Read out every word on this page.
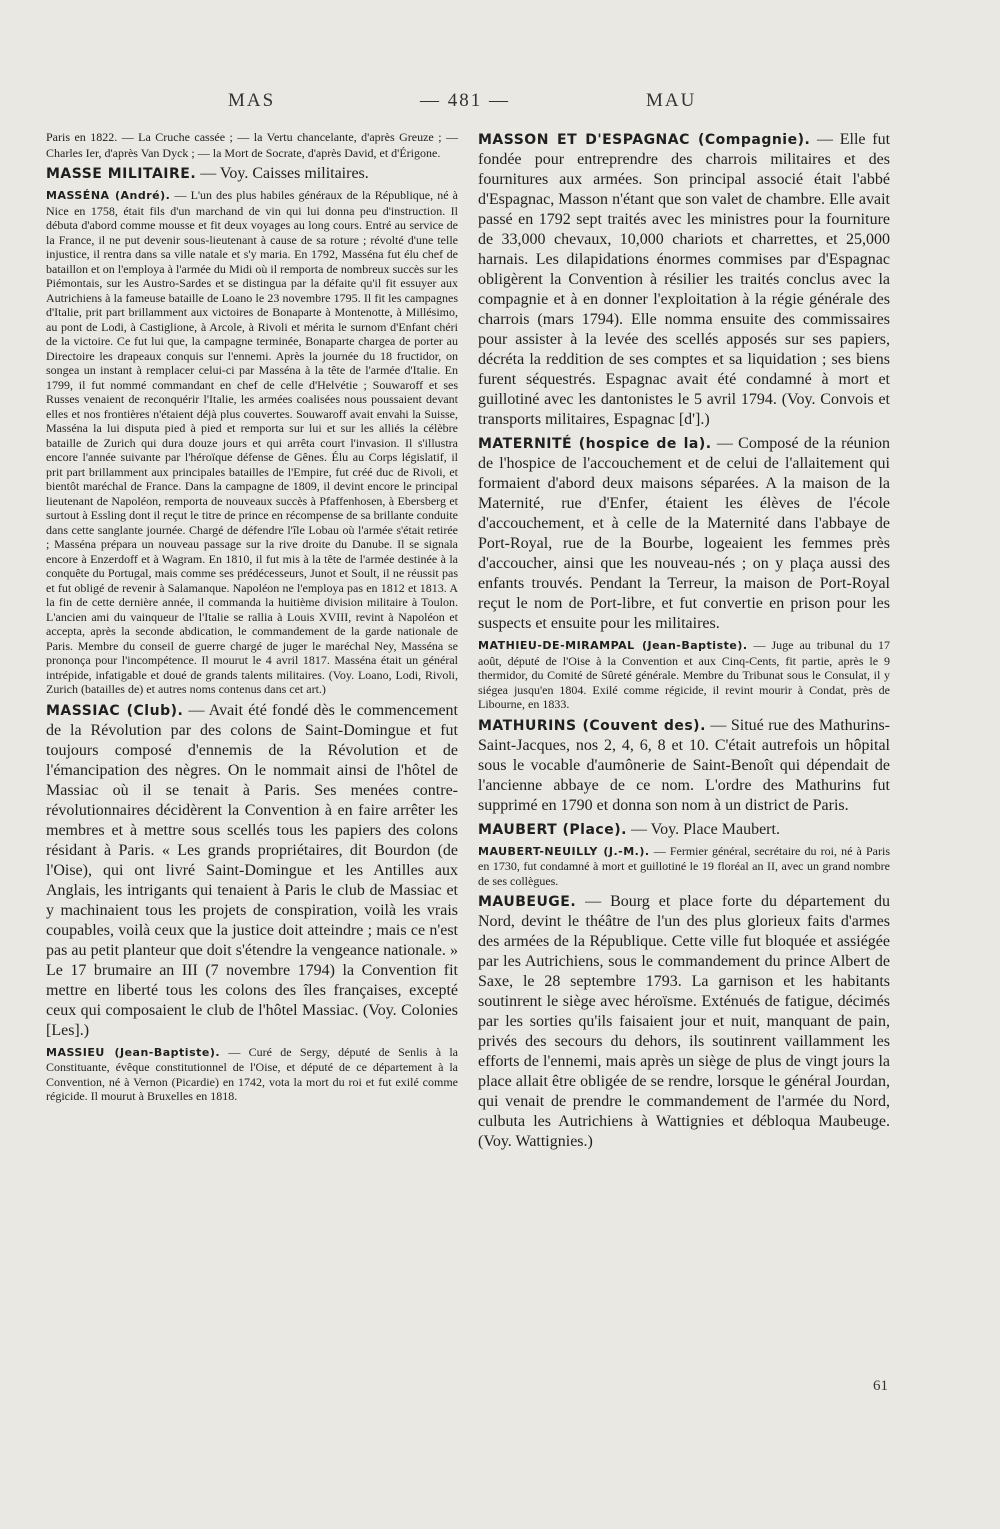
MAS	— 481 —	MAU

Paris en 1822. — La Cruche cassée ; — la Vertu chancelante, d'après Greuze ; — Charles Ier, d'après Van Dyck ; — la Mort de Socrate, d'après David, et d'Érigone.

MASSE MILITAIRE. — Voy. Caisses militaires.

MASSÉNA (André). — L'un des plus habiles généraux de la République, né à Nice en 1758, était fils d'un marchand de vin qui lui donna peu d'instruction. Il débuta d'abord comme mousse et fit deux voyages au long cours. Entré au service de la France, il ne put devenir sous-lieutenant à cause de sa roture ; révolté d'une telle injustice, il rentra dans sa ville natale et s'y maria. En 1792, Masséna fut élu chef de bataillon et on l'employa à l'armée du Midi où il remporta de nombreux succès sur les Piémontais, sur les Austro-Sardes et se distingua par la défaite qu'il fit essuyer aux Autrichiens à la fameuse bataille de Loano le 23 novembre 1795. Il fit les campagnes d'Italie, prit part brillamment aux victoires de Bonaparte à Montenotte, à Millésimo, au pont de Lodi, à Castiglione, à Arcole, à Rivoli et mérita le surnom d'Enfant chéri de la victoire. Ce fut lui que, la campagne terminée, Bonaparte chargea de porter au Directoire les drapeaux conquis sur l'ennemi. Après la journée du 18 fructidor, on songea un instant à remplacer celui-ci par Masséna à la tête de l'armée d'Italie. En 1799, il fut nommé commandant en chef de celle d'Helvétie ; Souwaroff et ses Russes venaient de reconquérir l'Italie, les armées coalisées nous poussaient devant elles et nos frontières n'étaient déjà plus couvertes. Souwaroff avait envahi la Suisse, Masséna la lui disputa pied à pied et remporta sur lui et sur les alliés la célèbre bataille de Zurich qui dura douze jours et qui arrêta court l'invasion. Il s'illustra encore l'année suivante par l'héroïque défense de Gênes. Élu au Corps législatif, il prit part brillamment aux principales batailles de l'Empire, fut créé duc de Rivoli, et bientôt maréchal de France. Dans la campagne de 1809, il devint encore le principal lieutenant de Napoléon, remporta de nouveaux succès à Pfaffenhosen, à Ebersberg et surtout à Essling dont il reçut le titre de prince en récompense de sa brillante conduite dans cette sanglante journée. Chargé de défendre l'île Lobau où l'armée s'était retirée ; Masséna prépara un nouveau passage sur la rive droite du Danube. Il se signala encore à Enzerdoff et à Wagram. En 1810, il fut mis à la tête de l'armée destinée à la conquête du Portugal, mais comme ses prédécesseurs, Junot et Soult, il ne réussit pas et fut obligé de revenir à Salamanque. Napoléon ne l'employa pas en 1812 et 1813. A la fin de cette dernière année, il commanda la huitième division militaire à Toulon. L'ancien ami du vainqueur de l'Italie se rallia à Louis XVIII, revint à Napoléon et accepta, après la seconde abdication, le commandement de la garde nationale de Paris. Membre du conseil de guerre chargé de juger le maréchal Ney, Masséna se prononça pour l'incompétence. Il mourut le 4 avril 1817. Masséna était un général intrépide, infatigable et doué de grands talents militaires. (Voy. Loano, Lodi, Rivoli, Zurich (batailles de) et autres noms contenus dans cet art.)

MASSIAC (Club). — Avait été fondé dès le commencement de la Révolution par des colons de Saint-Domingue et fut toujours composé d'ennemis de la Révolution et de l'émancipation des nègres. On le nommait ainsi de l'hôtel de Massiac où il se tenait à Paris. Ses menées contre-révolutionnaires décidèrent la Convention à en faire arrêter les membres et à mettre sous scellés tous les papiers des colons résidant à Paris. « Les grands propriétaires, dit Bourdon (de l'Oise), qui ont livré Saint-Domingue et les Antilles aux Anglais, les intrigants qui tenaient à Paris le club de Massiac et y machinaient tous les projets de conspiration, voilà les vrais coupables, voilà ceux que la justice doit atteindre ; mais ce n'est pas au petit planteur que doit s'étendre la vengeance nationale. » Le 17 brumaire an III (7 novembre 1794) la Convention fit mettre en liberté tous les colons des îles françaises, excepté ceux qui composaient le club de l'hôtel Massiac. (Voy. Colonies [Les].)

MASSIEU (Jean-Baptiste). — Curé de Sergy, député de Senlis à la Constituante, évêque constitutionnel de l'Oise, et député de ce département à la Convention, né à Vernon (Picardie) en 1742, vota la mort du roi et fut exilé comme régicide. Il mourut à Bruxelles en 1818.

MASSON ET D'ESPAGNAC (Compagnie). — Elle fut fondée pour entreprendre des charrois militaires et des fournitures aux armées. Son principal associé était l'abbé d'Espagnac, Masson n'étant que son valet de chambre. Elle avait passé en 1792 sept traités avec les ministres pour la fourniture de 33,000 chevaux, 10,000 chariots et charrettes, et 25,000 harnais. Les dilapidations énormes commises par d'Espagnac obligèrent la Convention à résilier les traités conclus avec la compagnie et à en donner l'exploitation à la régie générale des charrois (mars 1794). Elle nomma ensuite des commissaires pour assister à la levée des scellés apposés sur ses papiers, décréta la reddition de ses comptes et sa liquidation ; ses biens furent séquestrés. Espagnac avait été condamné à mort et guillotiné avec les dantonistes le 5 avril 1794. (Voy. Convois et transports militaires, Espagnac [d'].)

MATERNITÉ (hospice de la). — Composé de la réunion de l'hospice de l'accouchement et de celui de l'allaitement qui formaient d'abord deux maisons séparées. A la maison de la Maternité, rue d'Enfer, étaient les élèves de l'école d'accouchement, et à celle de la Maternité dans l'abbaye de Port-Royal, rue de la Bourbe, logeaient les femmes près d'accoucher, ainsi que les nouveau-nés ; on y plaça aussi des enfants trouvés. Pendant la Terreur, la maison de Port-Royal reçut le nom de Port-libre, et fut convertie en prison pour les suspects et ensuite pour les militaires.

MATHIEU-DE-MIRAMPAL (Jean-Baptiste). — Juge au tribunal du 17 août, député de l'Oise à la Convention et aux Cinq-Cents, fit partie, après le 9 thermidor, du Comité de Sûreté générale. Membre du Tribunat sous le Consulat, il y siégea jusqu'en 1804. Exilé comme régicide, il revint mourir à Condat, près de Libourne, en 1833.

MATHURINS (Couvent des). — Situé rue des Mathurins-Saint-Jacques, nos 2, 4, 6, 8 et 10. C'était autrefois un hôpital sous le vocable d'aumônerie de Saint-Benoît qui dépendait de l'ancienne abbaye de ce nom. L'ordre des Mathurins fut supprimé en 1790 et donna son nom à un district de Paris.

MAUBERT (Place). — Voy. Place Maubert.

MAUBERT-NEUILLY (J.-M.). — Fermier général, secrétaire du roi, né à Paris en 1730, fut condamné à mort et guillotiné le 19 floréal an II, avec un grand nombre de ses collègues.

MAUBEUGE. — Bourg et place forte du département du Nord, devint le théâtre de l'un des plus glorieux faits d'armes des armées de la République. Cette ville fut bloquée et assiégée par les Autrichiens, sous le commandement du prince Albert de Saxe, le 28 septembre 1793. La garnison et les habitants soutinrent le siège avec héroïsme. Exténués de fatigue, décimés par les sorties qu'ils faisaient jour et nuit, manquant de pain, privés des secours du dehors, ils soutinrent vaillamment les efforts de l'ennemi, mais après un siège de plus de vingt jours la place allait être obligée de se rendre, lorsque le général Jourdan, qui venait de prendre le commandement de l'armée du Nord, culbuta les Autrichiens à Wattignies et débloqua Maubeuge. (Voy. Wattignies.)

61
